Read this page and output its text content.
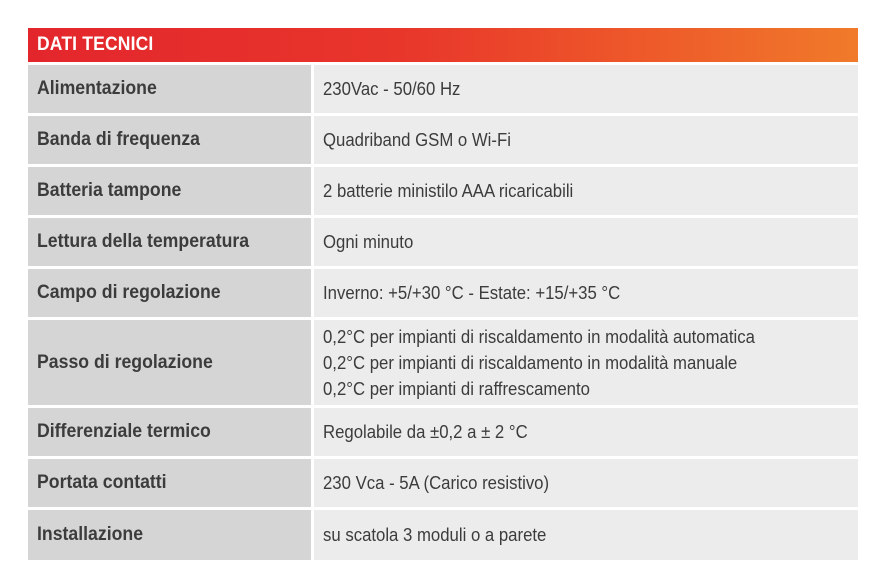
DATI TECNICI
Alimentazione	230Vac - 50/60 Hz

Banda di frequenza	Quadriband GSM o Wi-Fi

Batteria tampone	2 batterie ministilo AAA ricaricabili

Lettura della temperatura	Ogni minuto

Campo di regolazione	Inverno: +5/+30 °C - Estate: +15/+35 °C

Passo di regolazione	0,2°C per impianti di riscaldamento in modalità automatica
0,2°C per impianti di riscaldamento in modalità manuale
0,2°C per impianti di raffrescamento

Differenziale termico	Regolabile da ±0,2 a ± 2 °C

Portata contatti	230 Vca - 5A (Carico resistivo)

Installazione	su scatola 3 moduli o a parete
